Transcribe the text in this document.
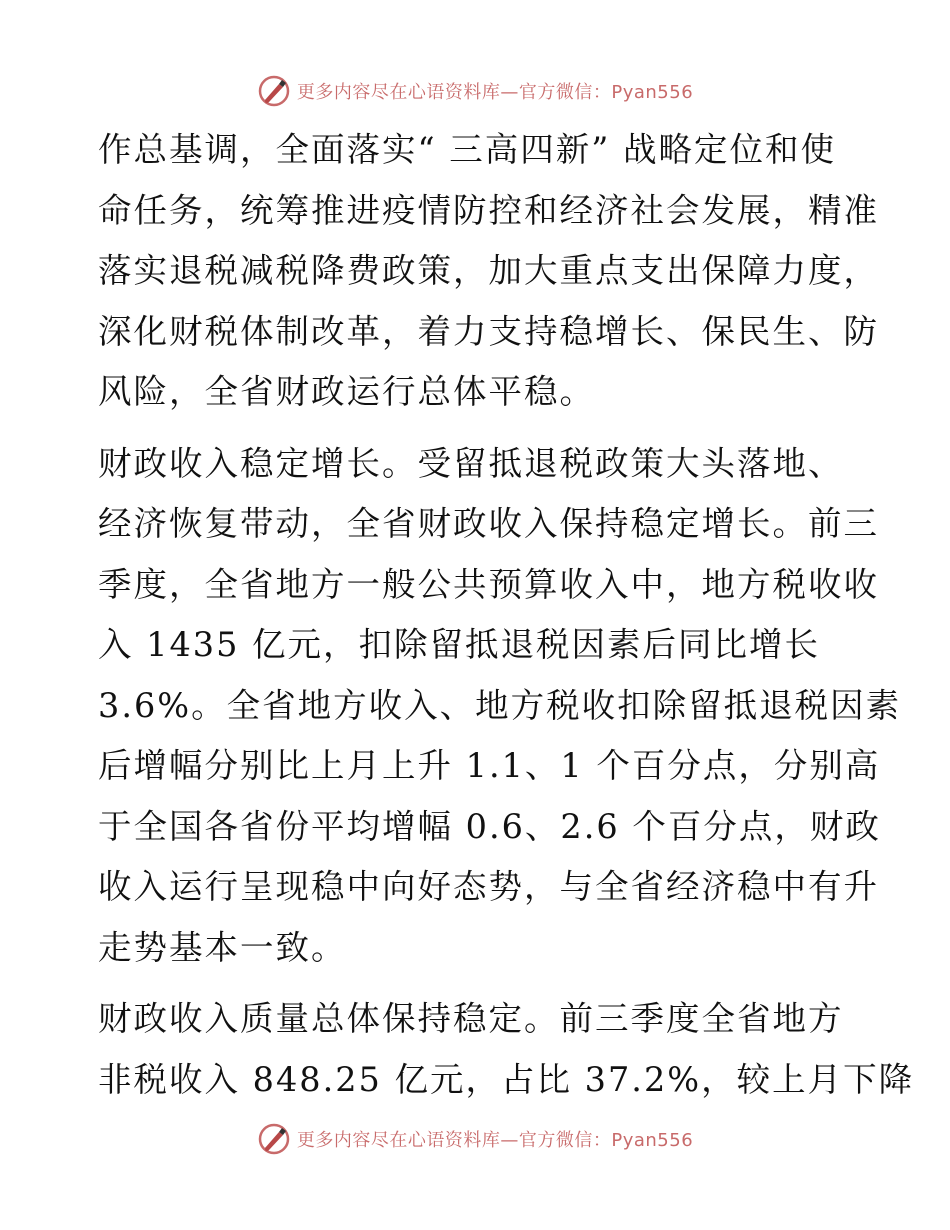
更多内容尽在心语资料库—官方微信：Pyan556
作总基调，全面落实“ 三高四新” 战略定位和使
命任务，统筹推进疫情防控和经济社会发展，精准
落实退税减税降费政策，加大重点支出保障力度，
深化财税体制改革，着力支持稳增长、保民生、防
风险，全省财政运行总体平稳。
财政收入稳定增长。受留抵退税政策大头落地、
经济恢复带动，全省财政收入保持稳定增长。前三
季度，全省地方一般公共预算收入中，地方税收收
入 1435 亿元，扣除留抵退税因素后同比增长
3.6%。全省地方收入、地方税收扣除留抵退税因素
后增幅分别比上月上升 1.1、1 个百分点，分别高
于全国各省份平均增幅 0.6、2.6 个百分点，财政
收入运行呈现稳中向好态势，与全省经济稳中有升
走势基本一致。
财政收入质量总体保持稳定。前三季度全省地方
非税收入 848.25 亿元，占比 37.2%，较上月下降
更多内容尽在心语资料库—官方微信：Pyan556
